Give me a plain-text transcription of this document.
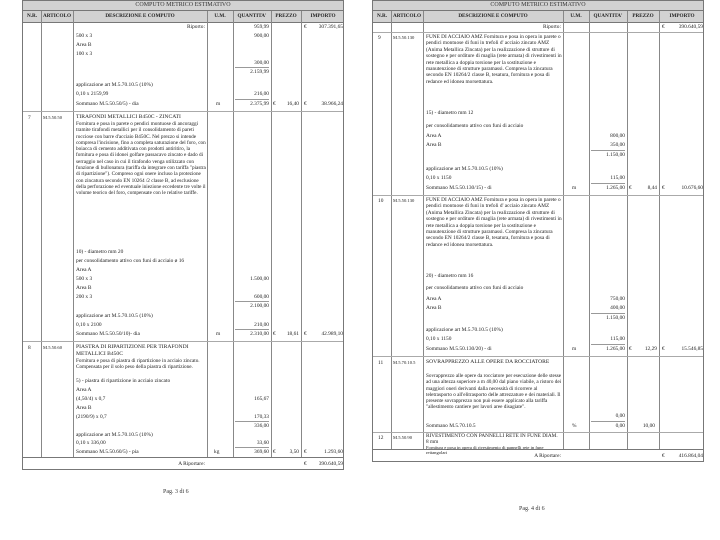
COMPUTO METRICO ESTIMATIVO
N.R.	ARTICOLO	DESCRIZIONE E COMPUTO	U.M.	QUANTITA'	PREZZO	IMPORTO
Riporto:	959,99	€	307.391,65
500 x 3	900,00
Area B
100 x 3
300,00
2.159,99
applicazione art M.5.70.10.5 (10%)
0,10 x 2159,99	216,00
Sommano M.5.50.50/5) - dia	m	2.375,99 €	16,40 €	38.966,24
7	M.5.50.50 TIRAFONDI METALLICI B450C - ZINCATI
Fornitura e posa in parete o pendici montuose di ancoraggi tramite tirafondi metallici per il consolidamento di pareti rocciose con barre d'acciaio B450C. Nel prezzo si intende compresa l'incisione, fino a completa saturazione del foro, con boiacca di cemento additivata con prodotti antiritiro, la fornitura e posa di idonei golfare passacavo zincato e dado di serraggio nel caso in cui il tirafondo venga utilizzato con funzione di bullonatura (tariffa da integrare con tariffa "piastra di ripartizione"). Compreso ogni onere incluso la protezione con zincatura secondo EN 10264 /2 classe B, ad esclusione della perforazione ed eventuale iniezione eccedente tre volte il volume teorico del foro, compensate con le relative tariffe.
10) - diametro mm 20
per consolidamento attivo con funi di acciaio ø 16
Area A
500 x 3	1.500,00
Area B
200 x 3	600,00
2.100,00
applicazione art M.5.70.10.5 (10%)
0,10 x 2100	210,00
Sommano M.5.50.50/10)- dia	m	2.310,00 €	18,61 €	42.989,10
8	M.5.50.60 PIASTRA DI RIPARTIZIONE PER TIRAFONDI METALLICI B450C
Fornitura e posa di piastra di ripartizione in acciaio zincato. Compensata per il solo peso della piastra di ripartizione.
5) - piastra di ripartizione in acciaio zincato
Area A
(4,50/4) x 0,7	165,67
Area B
(2190/9) x 0,7	170,33
336,00
applicazione art M.5.70.10.5 (10%)
0,10 x 336,00	33,60
Sommano M.5.50.60/5) - pia	kg	369,60 €	3,50 €	1.293,60
A Riportare:	€	390.640,59
Pag. 3 di 6
COMPUTO METRICO ESTIMATIVO
N.R.	ARTICOLO	DESCRIZIONE E COMPUTO	U.M.	QUANTITA'	PREZZO	IMPORTO
Riporto:	€	390.640,59
9	M.5.50.130 FUNE DI ACCIAIO AMZ Fornitura e posa in opera in parete o pendici montuose di funi in trefoli d' acciaio zincato AMZ (Anima Metallica Zincata) per la realizzazione di strutture di sostegno e per orditure di maglia (rete armata) di rivestimenti in rete metallica a doppia torsione per la sostituzione e manutenzione di strutture paramassi. Compresa la zincatura secondo EN 10264/2 classe B, tesatura, fornitura e posa di redance ed idonea morsettatura.
15) - diametro mm 12
per consolidamento attivo con funi di acciaio
Area A	800,00
Area B	350,00
1.150,00
applicazione art M.5.70.10.5 (10%)
0,10 x 1150	115,00
Sommano M.5.50.130/15) - di	m	1.265,00 €	8,44 €	10.676,60
10 M.5.50.130 FUNE DI ACCIAIO AMZ Fornitura e posa in opera in parete o pendici montuose di funi in trefoli d' acciaio zincato AMZ (Anima Metallica Zincata) per la realizzazione di strutture di sostegno e per orditure di maglia (rete armata) di rivestimenti in rete metallica a doppia torsione per la sostituzione e manutenzione di strutture paramassi. Compresa la zincatura secondo EN 10264/2 classe B, tesatura, fornitura e posa di redance ed idonea morsettatura.
20) - diametro mm 16
per consolidamento attivo con funi di acciaio
Area A	750,00
Area B	400,00
1.150,00
applicazione art M.5.70.10.5 (10%)
0,10 x 1150	115,00
Sommano M.5.50.130/20) - di	m	1.265,00 €	12,29 €	15.546,85
11 M.5.70.10.5 SOVRAPPREZZO ALLE OPERE DA ROCCIATORE
Sovrapprezzo alle opere da rocciatore per esecuzione delle stesse ad una altezza superiore a m 40,00 dal piano viabile, a ristoro dei maggiori oneri derivanti dalla necessità di ricorrere al teletrasporto o all'elitrasporto delle attrezzature e dei materiali. Il presente sovrapprezzo non può essere applicato alla tariffa "allestimento cantiere per lavori aree disagiate".
0,00
Sommano M.5.70.10.5	%	0,00	10,00
12 M.5.50.90	RIVESTIMENTO CON PANNELLI RETE IN FUNE DIAM. 8 mm
Fornitura e posa in opera di rivestimento di pannelli rete in fune rettangolari
A Riportare:	€	416.864,04
Pag. 4 di 6
